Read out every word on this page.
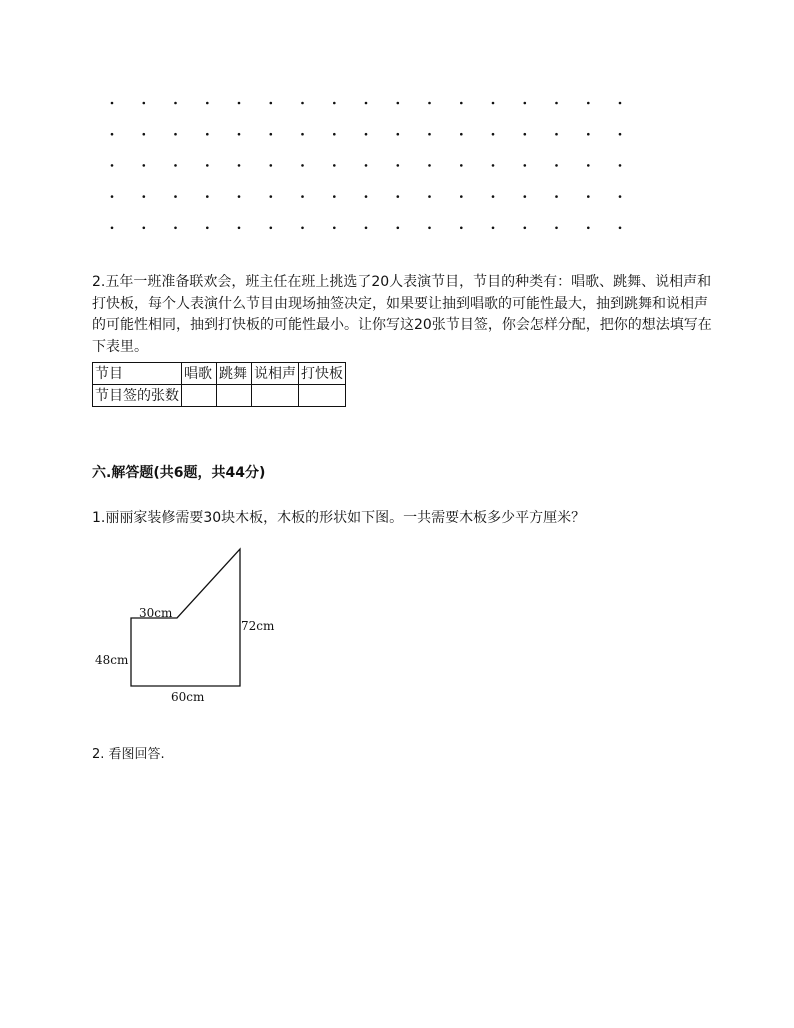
2.五年一班准备联欢会，班主任在班上挑选了20人表演节目，节目的种类有：唱歌、跳舞、说相声和打快板，每个人表演什么节目由现场抽签决定，如果要让抽到唱歌的可能性最大，抽到跳舞和说相声的可能性相同，抽到打快板的可能性最小。让你写这20张节目签，你会怎样分配，把你的想法填写在下表里。
节目	唱歌	跳舞	说相声	打快板
节目签的张数				
六.解答题(共6题，共44分)
1.丽丽家装修需要30块木板，木板的形状如下图。一共需要木板多少平方厘米？
30cm
72cm
48cm
60cm
2. 看图回答.
